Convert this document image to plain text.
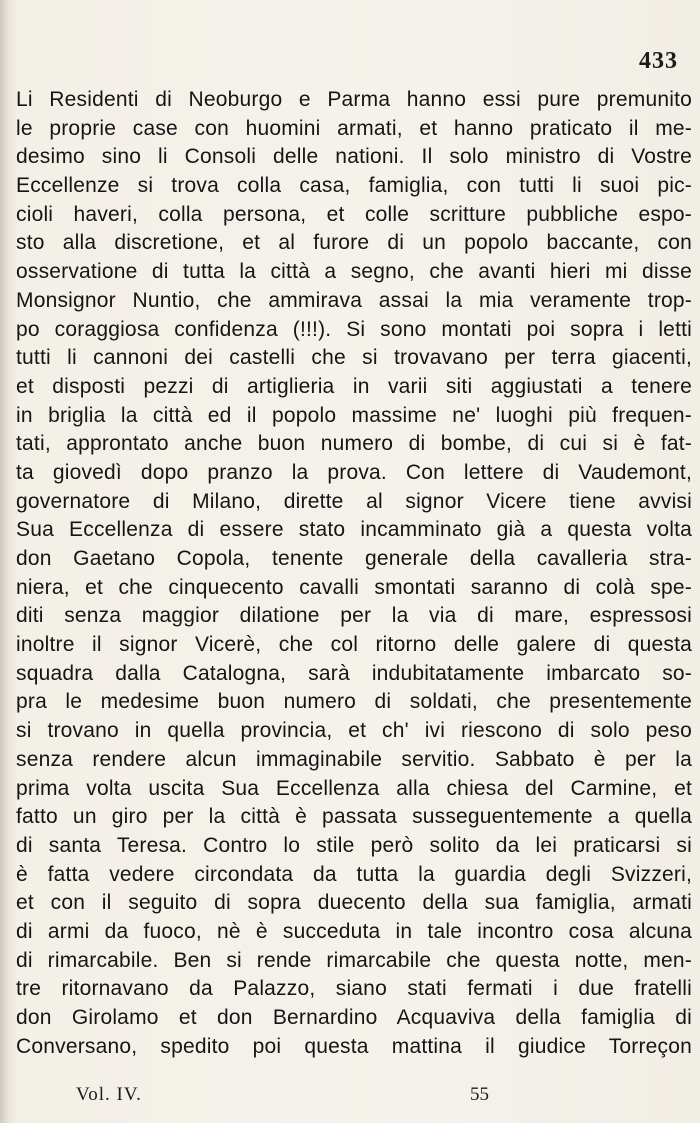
433
Li Residenti di Neoburgo e Parma hanno essi pure premunito
le proprie case con huomini armati, et hanno praticato il me-
desimo sino li Consoli delle nationi. Il solo ministro di Vostre
Eccellenze si trova colla casa, famiglia, con tutti li suoi pic-
cioli haveri, colla persona, et colle scritture pubbliche espo-
sto alla discretione, et al furore di un popolo baccante, con
osservatione di tutta la città a segno, che avanti hieri mi disse
Monsignor Nuntio, che ammirava assai la mia veramente trop-
po coraggiosa confidenza (!!!). Si sono montati poi sopra i letti
tutti li cannoni dei castelli che si trovavano per terra giacenti,
et disposti pezzi di artiglieria in varii siti aggiustati a tenere
in briglia la città ed il popolo massime ne' luoghi più frequen-
tati, approntato anche buon numero di bombe, di cui si è fat-
ta giovedì dopo pranzo la prova. Con lettere di Vaudemont,
governatore di Milano, dirette al signor Vicere tiene avvisi
Sua Eccellenza di essere stato incamminato già a questa volta
don Gaetano Copola, tenente generale della cavalleria stra-
niera, et che cinquecento cavalli smontati saranno di colà spe-
diti senza maggior dilatione per la via di mare, espressosi
inoltre il signor Vicerè, che col ritorno delle galere di questa
squadra dalla Catalogna, sarà indubitatamente imbarcato so-
pra le medesime buon numero di soldati, che presentemente
si trovano in quella provincia, et ch' ivi riescono di solo peso
senza rendere alcun immaginabile servitio. Sabbato è per la
prima volta uscita Sua Eccellenza alla chiesa del Carmine, et
fatto un giro per la città è passata susseguentemente a quella
di santa Teresa. Contro lo stile però solito da lei praticarsi si
è fatta vedere circondata da tutta la guardia degli Svizzeri,
et con il seguito di sopra duecento della sua famiglia, armati
di armi da fuoco, nè è succeduta in tale incontro cosa alcuna
di rimarcabile. Ben si rende rimarcabile che questa notte, men-
tre ritornavano da Palazzo, siano stati fermati i due fratelli
don Girolamo et don Bernardino Acquaviva della famiglia di
Conversano, spedito poi questa mattina il giudice Torreçon
Vol. IV.	55
